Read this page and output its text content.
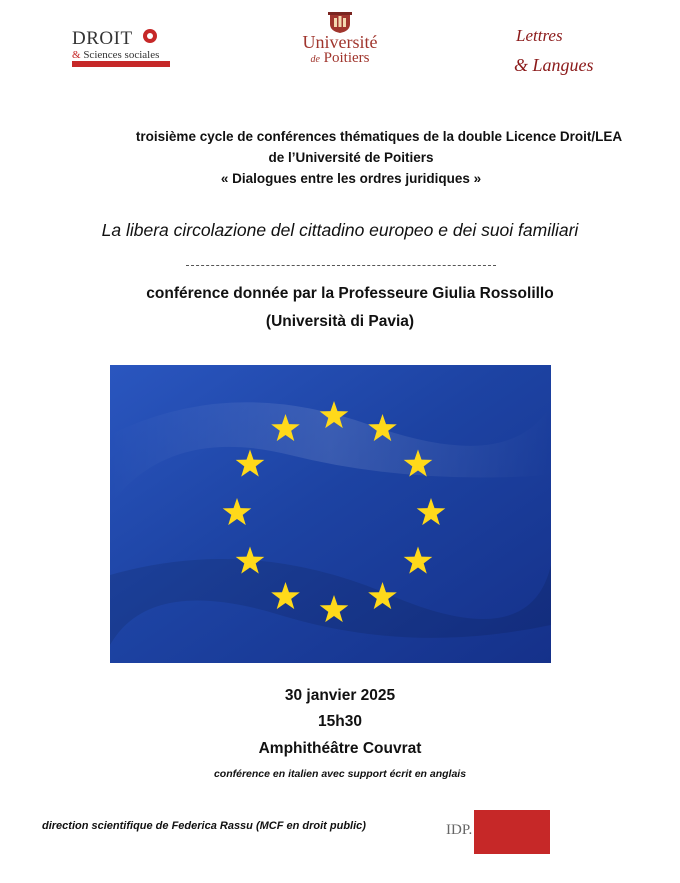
DROIT
& Sciences sociales
Université
de Poitiers
Lettres
& Langues
troisième cycle de conférences thématiques de la double Licence Droit/LEA
de l’Université de Poitiers
« Dialogues entre les ordres juridiques »
La libera circolazione del cittadino europeo e dei suoi familiari
conférence donnée par la Professeure Giulia Rossolillo
(Università di Pavia)
30 janvier 2025
15h30
Amphithéâtre Couvrat
conférence en italien avec support écrit en anglais
direction scientifique de Federica Rassu (MCF en droit public)	IDP.
